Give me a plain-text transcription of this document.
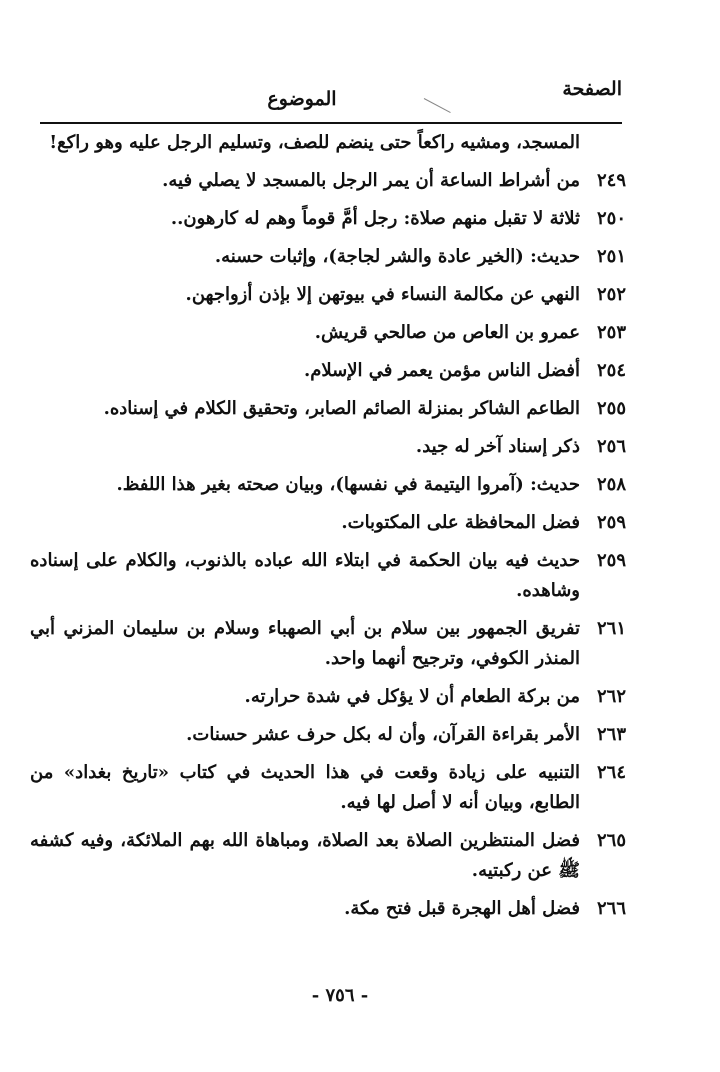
الصفحة
الموضوع
المسجد، ومشيه راكعاً حتى ينضم للصف، وتسليم الرجل عليه وهو راكع!
٢٤٩
من أشراط الساعة أن يمر الرجل بالمسجد لا يصلي فيه.
٢٥٠
ثلاثة لا تقبل منهم صلاة: رجل أمَّ قوماً وهم له كارهون..
٢٥١
حديث: (الخير عادة والشر لجاجة)، وإثبات حسنه.
٢٥٢
النهي عن مكالمة النساء في بيوتهن إلا بإذن أزواجهن.
٢٥٣
عمرو بن العاص من صالحي قريش.
٢٥٤
أفضل الناس مؤمن يعمر في الإسلام.
٢٥٥
الطاعم الشاكر بمنزلة الصائم الصابر، وتحقيق الكلام في إسناده.
٢٥٦
ذكر إسناد آخر له جيد.
٢٥٨
حديث: (آمروا اليتيمة في نفسها)، وبيان صحته بغير هذا اللفظ.
٢٥٩
فضل المحافظة على المكتوبات.
٢٥٩
حديث فيه بيان الحكمة في ابتلاء الله عباده بالذنوب، والكلام على إسناده وشاهده.
٢٦١
تفريق الجمهور بين سلام بن أبي الصهباء وسلام بن سليمان المزني أبي المنذر الكوفي، وترجيح أنهما واحد.
٢٦٢
من بركة الطعام أن لا يؤكل في شدة حرارته.
٢٦٣
الأمر بقراءة القرآن، وأن له بكل حرف عشر حسنات.
٢٦٤
التنبيه على زيادة وقعت في هذا الحديث في كتاب «تاريخ بغداد» من الطابع، وبيان أنه لا أصل لها فيه.
٢٦٥
فضل المنتظرين الصلاة بعد الصلاة، ومباهاة الله بهم الملائكة، وفيه كشفه ﷺ عن ركبتيه.
٢٦٦
فضل أهل الهجرة قبل فتح مكة.
- ٧٥٦ -
